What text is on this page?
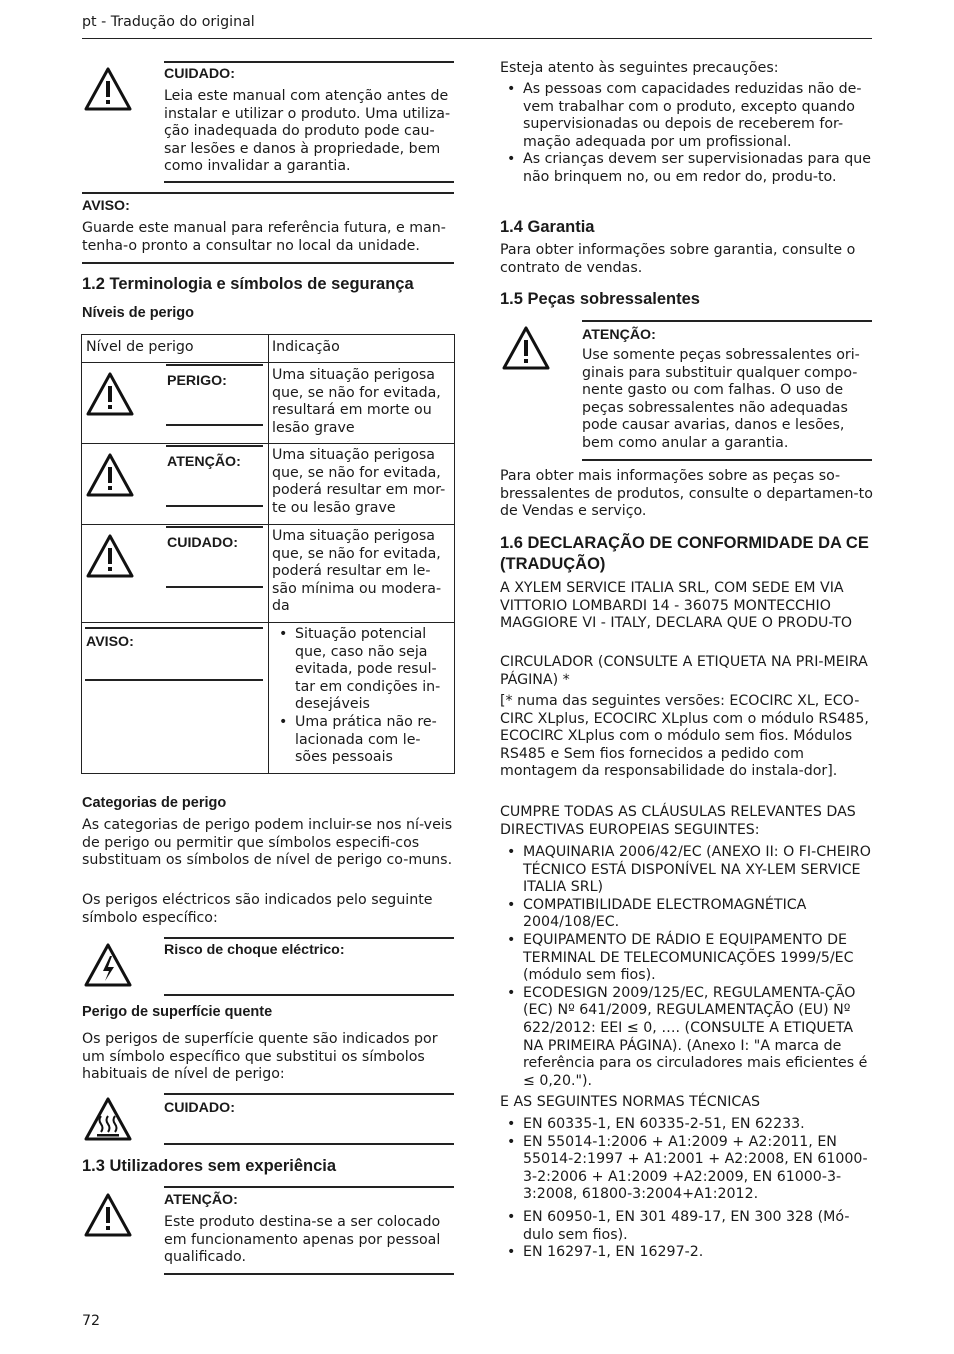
pt - Tradução do original
CUIDADO:
Leia este manual com atenção antes de instalar e utilizar o produto. Uma utiliza-ção inadequada do produto pode cau-sar lesões e danos à propriedade, bem como invalidar a garantia.
AVISO:
Guarde este manual para referência futura, e man-tenha-o pronto a consultar no local da unidade.
1.2 Terminologia e símbolos de segurança
Níveis de perigo
Nível de perigo	Indicação
PERIGO:	Uma situação perigosa que, se não for evitada, resultará em morte ou lesão grave
ATENÇÃO: Uma situação perigosa que, se não for evitada, poderá resultar em mor-te ou lesão grave
CUIDADO: Uma situação perigosa que, se não for evitada, poderá resultar em le-são mínima ou modera-da
AVISO:
•	Situação potencial que, caso não seja evitada, pode resul-tar em condições in-desejáveis
• Uma prática não re-lacionada com le-sões pessoais
Categorias de perigo
As categorias de perigo podem incluir-se nos ní-veis de perigo ou permitir que símbolos especifi-cos substituam os símbolos de nível de perigo co-muns.
Os perigos eléctricos são indicados pelo seguinte símbolo específico:
Risco de choque eléctrico:
Perigo de superfície quente
Os perigos de superfície quente são indicados por um símbolo específico que substitui os símbolos habituais de nível de perigo:
CUIDADO:
1.3 Utilizadores sem experiência
ATENÇÃO:
Este produto destina-se a ser colocado em funcionamento apenas por pessoal qualificado.
72
Esteja atento às seguintes precauções:
• As pessoas com capacidades reduzidas não de-vem trabalhar com o produto, excepto quando supervisionadas ou depois de receberem for-mação adequada por um profissional.
• As crianças devem ser supervisionadas para que não brinquem no, ou em redor do, produ-to.
1.4 Garantia
Para obter informações sobre garantia, consulte o contrato de vendas.
1.5 Peças sobressalentes
ATENÇÃO:
Use somente peças sobressalentes ori-ginais para substituir qualquer compo-nente gasto ou com falhas. O uso de peças sobressalentes não adequadas pode causar avarias, danos e lesões, bem como anular a garantia.
Para obter mais informações sobre as peças so-bressalentes de produtos, consulte o departamen-to de Vendas e serviço.
1.6 DECLARAÇÃO DE CONFORMIDADE DA CE (TRADUÇÃO)
A XYLEM SERVICE ITALIA SRL, COM SEDE EM VIA VITTORIO LOMBARDI 14 - 36075 MONTECCHIO MAGGIORE VI - ITALY, DECLARA QUE O PRODU-TO
CIRCULADOR (CONSULTE A ETIQUETA NA PRI-MEIRA PÁGINA) *
[* numa das seguintes versões: ECOCIRC XL, ECO-CIRC XLplus, ECOCIRC XLplus com o módulo RS485, ECOCIRC XLplus com o módulo sem fios. Módulos RS485 e Sem fios fornecidos a pedido com montagem da responsabilidade do instala-dor].
CUMPRE TODAS AS CLÁUSULAS RELEVANTES DAS DIRECTIVAS EUROPEIAS SEGUINTES:
• MAQUINARIA 2006/42/EC (ANEXO II: O FI-CHEIRO TÉCNICO ESTÁ DISPONÍVEL NA XY-LEM SERVICE ITALIA SRL)
• COMPATIBILIDADE ELECTROMAGNÉTICA 2004/108/EC.
• EQUIPAMENTO DE RÁDIO E EQUIPAMENTO DE TERMINAL DE TELECOMUNICAÇÕES 1999/5/EC (módulo sem fios).
• ECODESIGN 2009/125/EC, REGULAMENTA-ÇÃO (EC) Nº 641/2009, REGULAMENTAÇÃO (EU) Nº 622/2012: EEI ≤ 0, …. (CONSULTE A ETIQUETA NA PRIMEIRA PÁGINA). (Anexo I: "A marca de referência para os circuladores mais eficientes é ≤ 0,20.").
E AS SEGUINTES NORMAS TÉCNICAS
• EN 60335-1, EN 60335-2-51, EN 62233.
• EN 55014-1:2006 + A1:2009 + A2:2011, EN 55014-2:1997 + A1:2001 + A2:2008, EN 61000-3-2:2006 + A1:2009 +A2:2009, EN 61000-3-3:2008, 61800-3:2004+A1:2012.
• EN 60950-1, EN 301 489-17, EN 300 328 (Mó-dulo sem fios).
• EN 16297-1, EN 16297-2.
